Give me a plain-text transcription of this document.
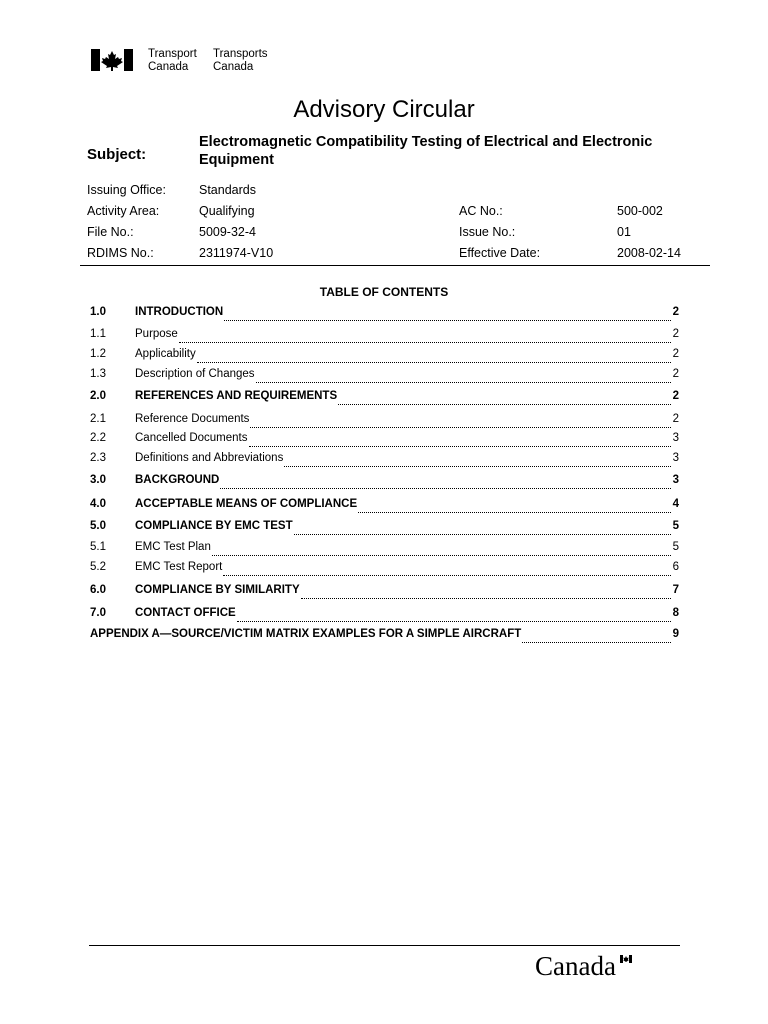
Transport
Canada
Transports
Canada
Advisory Circular
Subject:
Electromagnetic Compatibility Testing of Electrical and Electronic Equipment
Issuing Office:	Standards
Activity Area:	Qualifying	AC No.:	500-002
File No.:	5009-32-4	Issue No.:	01
RDIMS No.:	2311974-V10	Effective Date:	2008-02-14
TABLE OF CONTENTS
1.0	INTRODUCTION	2
1.1	Purpose	2
1.2	Applicability	2
1.3	Description of Changes	2
2.0	REFERENCES AND REQUIREMENTS	2
2.1	Reference Documents	2
2.2	Cancelled Documents	3
2.3	Definitions and Abbreviations	3
3.0	BACKGROUND	3
4.0	ACCEPTABLE MEANS OF COMPLIANCE	4
5.0	COMPLIANCE BY EMC TEST	5
5.1	EMC Test Plan	5
5.2	EMC Test Report	6
6.0	COMPLIANCE BY SIMILARITY	7
7.0	CONTACT OFFICE	8
APPENDIX A—SOURCE/VICTIM MATRIX EXAMPLES FOR A SIMPLE AIRCRAFT	9
Canada
